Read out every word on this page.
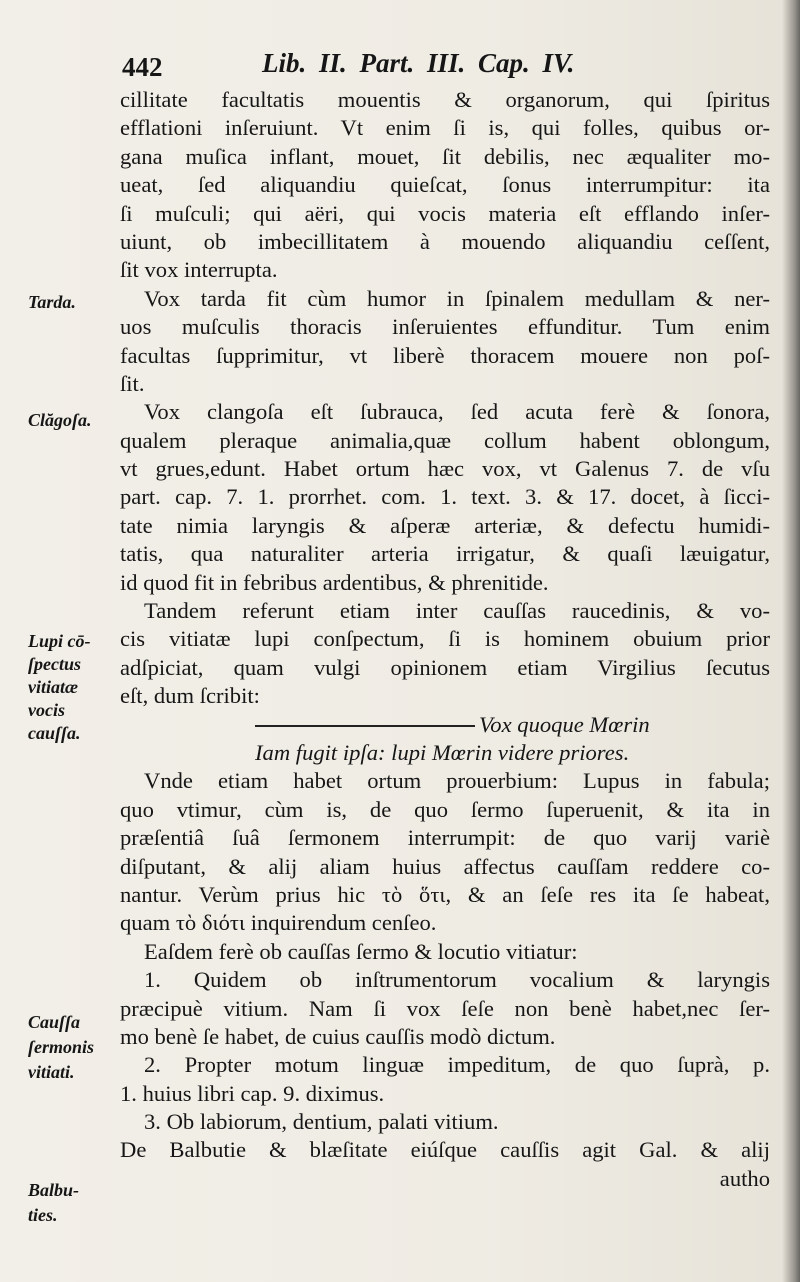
442	Lib. II. Part. III. Cap. IV.
Tarda.
Clăgoſa.
Lupi cō-
ſpectus
vitiatæ
vocis
cauſſa.
Cauſſa
ſermonis
vitiati.
Balbu-
ties.
cillitate facultatis mouentis & organorum, qui ſpiritus
efflationi inſeruiunt. Vt enim ſi is, qui folles, quibus or-
gana muſica inflant, mouet, ſit debilis, nec æqualiter mo-
ueat, ſed aliquandiu quieſcat, ſonus interrumpitur: ita
ſi muſculi; qui aëri, qui vocis materia eſt efflando inſer-
uiunt, ob imbecillitatem à mouendo aliquandiu ceſſent,
ſit vox interrupta.
Vox tarda fit cùm humor in ſpinalem medullam & ner-
uos muſculis thoracis inſeruientes effunditur. Tum enim
facultas ſupprimitur, vt liberè thoracem mouere non poſ-
ſit.
Vox clangoſa eſt ſubrauca, ſed acuta ferè & ſonora,
qualem pleraque animalia,quæ collum habent oblongum,
vt grues,edunt. Habet ortum hæc vox, vt Galenus 7. de vſu
part. cap. 7. 1. prorrhet. com. 1. text. 3. & 17. docet, à ſicci-
tate nimia laryngis & aſperæ arteriæ, & defectu humidi-
tatis, qua naturaliter arteria irrigatur, & quaſi læuigatur,
id quod fit in febribus ardentibus, & phrenitide.
Tandem referunt etiam inter cauſſas raucedinis, & vo-
cis vitiatæ lupi conſpectum, ſi is hominem obuium prior
adſpiciat, quam vulgi opinionem etiam Virgilius ſecutus
eſt, dum ſcribit:
Vox quoque Mœrin
Iam fugit ipſa: lupi Mœrin videre priores.
Vnde etiam habet ortum prouerbium: Lupus in fabula;
quo vtimur, cùm is, de quo ſermo ſuperuenit, & ita in
præſentiâ ſuâ ſermonem interrumpit: de quo varij variè
diſputant, & alij aliam huius affectus cauſſam reddere co-
nantur. Verùm prius hic τὸ ὅτι, & an ſeſe res ita ſe habeat,
quam τὸ διότι inquirendum cenſeo.
Eaſdem ferè ob cauſſas ſermo & locutio vitiatur:
1. Quidem ob inſtrumentorum vocalium & laryngis
præcipuè vitium. Nam ſi vox ſeſe non benè habet,nec ſer-
mo benè ſe habet, de cuius cauſſis modò dictum.
2. Propter motum linguæ impeditum, de quo ſuprà, p.
1. huius libri cap. 9. diximus.
3. Ob labiorum, dentium, palati vitium.
De Balbutie & blæſitate eiúſque cauſſis agit Gal. & alij
autho
